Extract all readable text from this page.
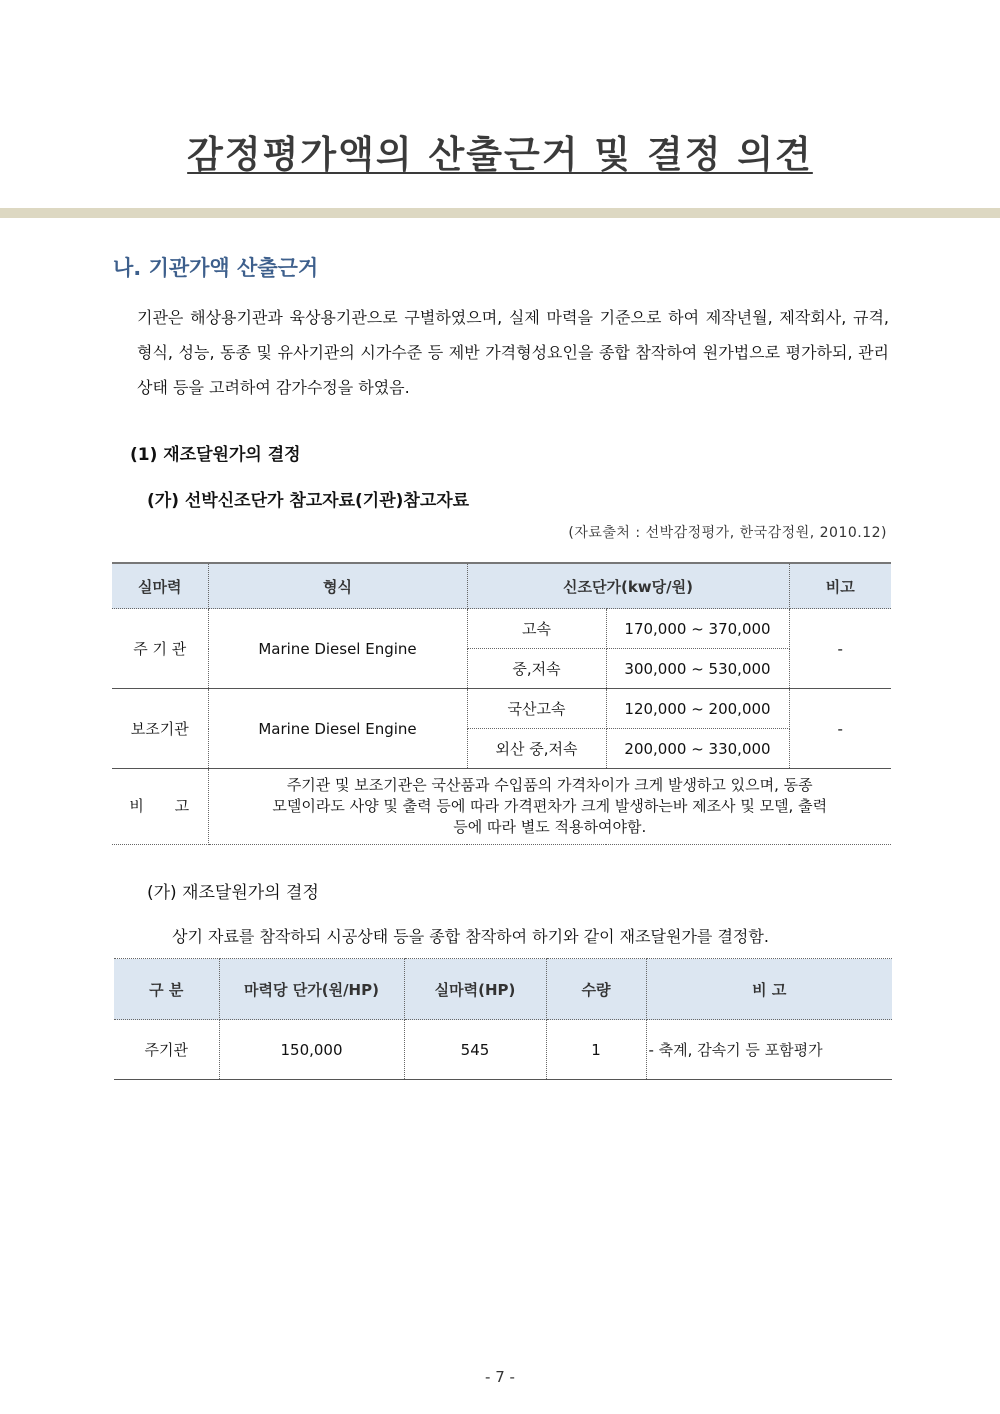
감정평가액의 산출근거 및 결정 의견
나. 기관가액 산출근거
기관은 해상용기관과 육상용기관으로 구별하였으며, 실제 마력을 기준으로 하여 제작년월, 제작회사, 규격, 형식, 성능, 동종 및 유사기관의 시가수준 등 제반 가격형성요인을 종합 참작하여 원가법으로 평가하되, 관리상태 등을 고려하여 감가수정을 하였음.
(1) 재조달원가의 결정
(가) 선박신조단가 참고자료(기관)참고자료
(자료출처 : 선박감정평가, 한국감정원, 2010.12)
실마력	형식	신조단가(kw당/원)		비고
주 기 관	Marine Diesel Engine	고속	170,000 ~ 370,000	-
		중,저속	300,000 ~ 530,000	
보조기관	Marine Diesel Engine	국산고속	120,000 ~ 200,000	-
		외산 중,저속	200,000 ~ 330,000	
비 고	주기관 및 보조기관은 국산품과 수입품의 가격차이가 크게 발생하고 있으며, 동종
모델이라도 사양 및 출력 등에 따라 가격편차가 크게 발생하는바 제조사 및 모델, 출력
등에 따라 별도 적용하여야함.			
(가) 재조달원가의 결정
상기 자료를 참작하되 시공상태 등을 종합 참작하여 하기와 같이 재조달원가를 결정함.
구 분	마력당 단가(원/HP)	실마력(HP)	수량	비 고
주기관	150,000	545	1	- 축계, 감속기 등 포함평가
- 7 -
